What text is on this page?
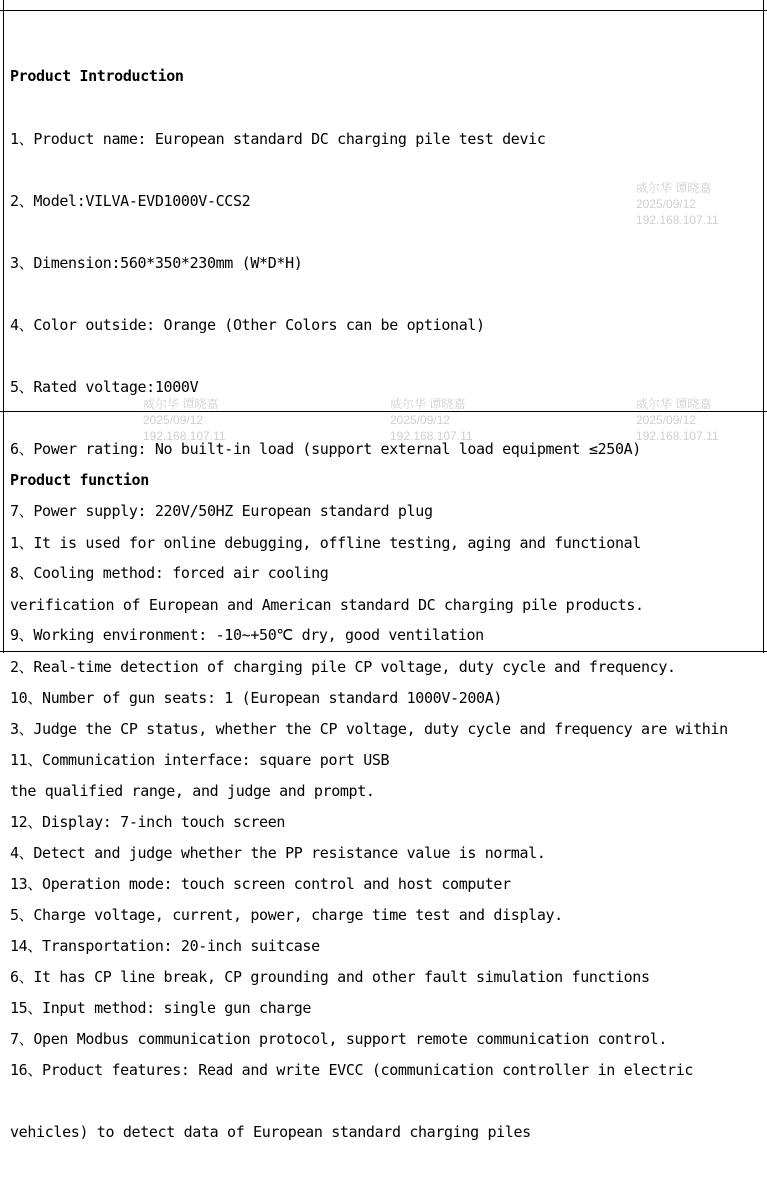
Product Introduction

1、Product name: European standard DC charging pile test devic

2、Model:VILVA-EVD1000V-CCS2

3、Dimension:560*350*230mm (W*D*H)

4、Color outside: Orange (Other Colors can be optional)

5、Rated voltage:1000V

6、Power rating: No built-in load (support external load equipment ≤250A)

7、Power supply: 220V/50HZ European standard plug

8、Cooling method: forced air cooling

9、Working environment: -10~+50℃ dry, good ventilation

10、Number of gun seats: 1 (European standard 1000V-200A)

11、Communication interface: square port USB

12、Display: 7-inch touch screen

13、Operation mode: touch screen control and host computer

14、Transportation: 20-inch suitcase

15、Input method: single gun charge

16、Product features: Read and write EVCC (communication controller in electric

vehicles) to detect data of European standard charging piles

Product function

1、It is used for online debugging, offline testing, aging and functional

verification of European and American standard DC charging pile products.

2、Real-time detection of charging pile CP voltage, duty cycle and frequency.

3、Judge the CP status, whether the CP voltage, duty cycle and frequency are within

the qualified range, and judge and prompt.

4、Detect and judge whether the PP resistance value is normal.

5、Charge voltage, current, power, charge time test and display.

6、It has CP line break, CP grounding and other fault simulation functions

7、Open Modbus communication protocol, support remote communication control.

威尔华 谭晓嘉
2025/09/12
192.168.107.11
威尔华 谭晓嘉
2025/09/12
192.168.107.11
威尔华 谭晓嘉
2025/09/12
192.168.107.11
威尔华 谭晓嘉
2025/09/12
192.168.107.11
